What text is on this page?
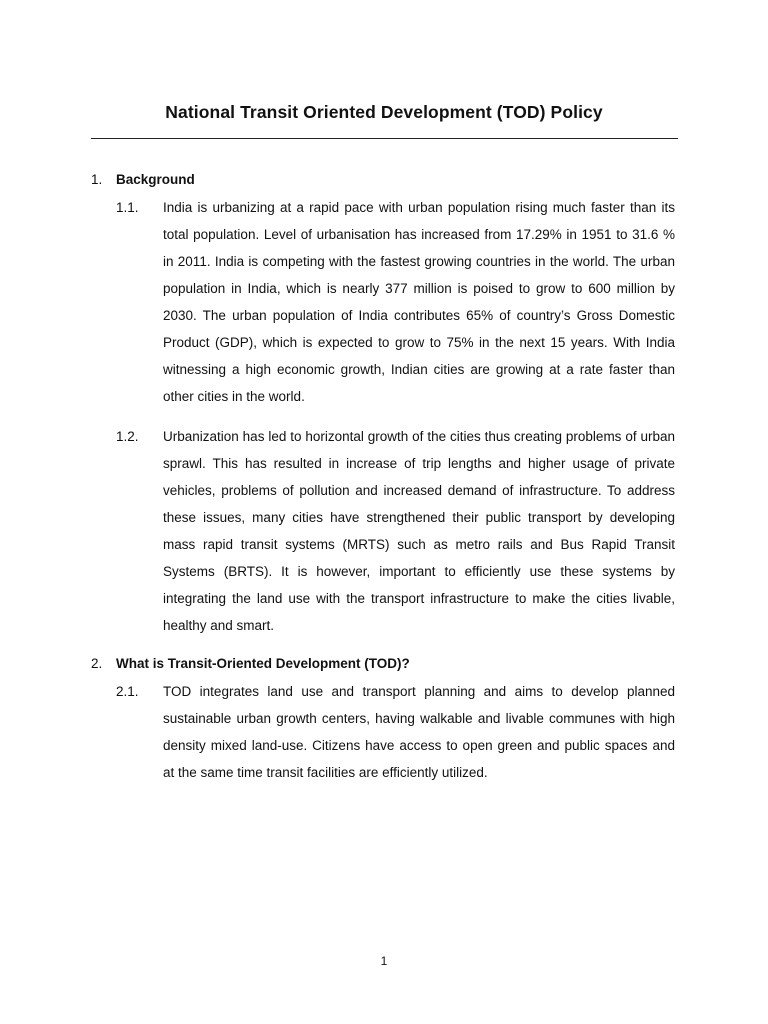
National Transit Oriented Development (TOD) Policy
1. Background
1.1. India is urbanizing at a rapid pace with urban population rising much faster than its total population. Level of urbanisation has increased from 17.29% in 1951 to 31.6 % in 2011. India is competing with the fastest growing countries in the world. The urban population in India, which is nearly 377 million is poised to grow to 600 million by 2030. The urban population of India contributes 65% of country’s Gross Domestic Product (GDP), which is expected to grow to 75% in the next 15 years. With India witnessing a high economic growth, Indian cities are growing at a rate faster than other cities in the world.
1.2. Urbanization has led to horizontal growth of the cities thus creating problems of urban sprawl. This has resulted in increase of trip lengths and higher usage of private vehicles, problems of pollution and increased demand of infrastructure. To address these issues, many cities have strengthened their public transport by developing mass rapid transit systems (MRTS) such as metro rails and Bus Rapid Transit Systems (BRTS). It is however, important to efficiently use these systems by integrating the land use with the transport infrastructure to make the cities livable, healthy and smart.
2. What is Transit-Oriented Development (TOD)?
2.1. TOD integrates land use and transport planning and aims to develop planned sustainable urban growth centers, having walkable and livable communes with high density mixed land-use. Citizens have access to open green and public spaces and at the same time transit facilities are efficiently utilized.
1
